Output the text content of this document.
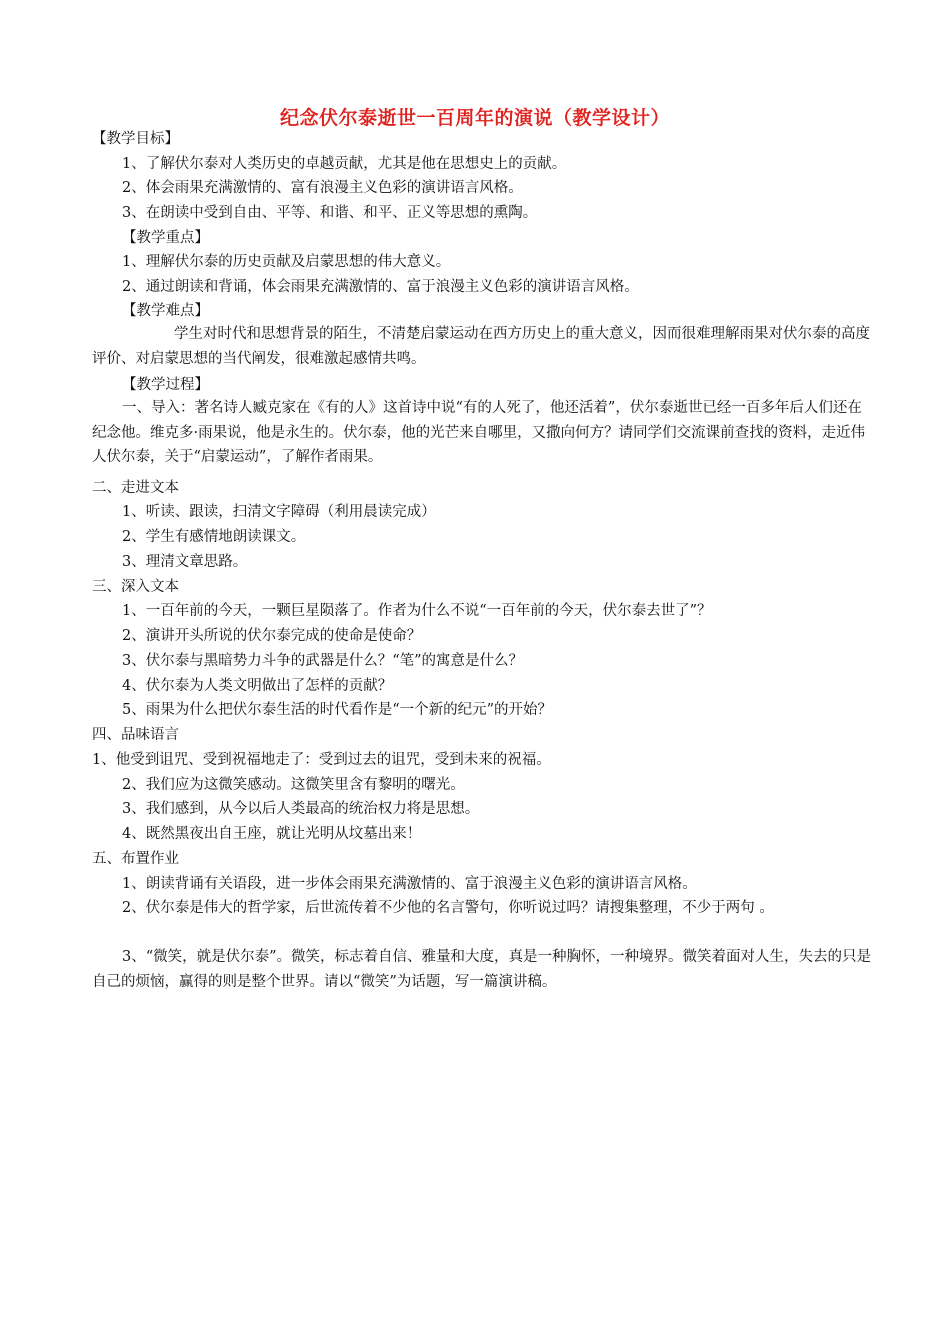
纪念伏尔泰逝世一百周年的演说（教学设计）
【教学目标】
1、了解伏尔泰对人类历史的卓越贡献，尤其是他在思想史上的贡献。
2、体会雨果充满激情的、富有浪漫主义色彩的演讲语言风格。
3、在朗读中受到自由、平等、和谐、和平、正义等思想的熏陶。
【教学重点】
1、理解伏尔泰的历史贡献及启蒙思想的伟大意义。
2、通过朗读和背诵，体会雨果充满激情的、富于浪漫主义色彩的演讲语言风格。
【教学难点】
学生对时代和思想背景的陌生，不清楚启蒙运动在西方历史上的重大意义，因而很难理解雨果对伏尔泰的高度评价、对启蒙思想的当代阐发，很难激起感情共鸣。
【教学过程】
一、导入：著名诗人臧克家在《有的人》这首诗中说“有的人死了，他还活着”，伏尔泰逝世已经一百多年后人们还在纪念他。维克多·雨果说，他是永生的。伏尔泰，他的光芒来自哪里，又撒向何方？请同学们交流课前查找的资料，走近伟人伏尔泰，关于“启蒙运动”，了解作者雨果。
二、走进文本
1、听读、跟读，扫清文字障碍（利用晨读完成）
2、学生有感情地朗读课文。
3、理清文章思路。
三、深入文本
1、一百年前的今天，一颗巨星陨落了。作者为什么不说“一百年前的今天，伏尔泰去世了”？
2、演讲开头所说的伏尔泰完成的使命是使命？
3、伏尔泰与黑暗势力斗争的武器是什么？“笔”的寓意是什么？
4、伏尔泰为人类文明做出了怎样的贡献？
5、雨果为什么把伏尔泰生活的时代看作是“一个新的纪元”的开始？
四、品味语言
1、他受到诅咒、受到祝福地走了：受到过去的诅咒，受到未来的祝福。
2、我们应为这微笑感动。这微笑里含有黎明的曙光。
3、我们感到，从今以后人类最高的统治权力将是思想。
4、既然黑夜出自王座，就让光明从坟墓出来！
五、布置作业
1、朗读背诵有关语段，进一步体会雨果充满激情的、富于浪漫主义色彩的演讲语言风格。
2、伏尔泰是伟大的哲学家，后世流传着不少他的名言警句，你听说过吗？请搜集整理，不少于两句 。
3、“微笑，就是伏尔泰”。微笑，标志着自信、雅量和大度，真是一种胸怀，一种境界。微笑着面对人生，失去的只是自己的烦恼，赢得的则是整个世界。请以“微笑”为话题，写一篇演讲稿。
